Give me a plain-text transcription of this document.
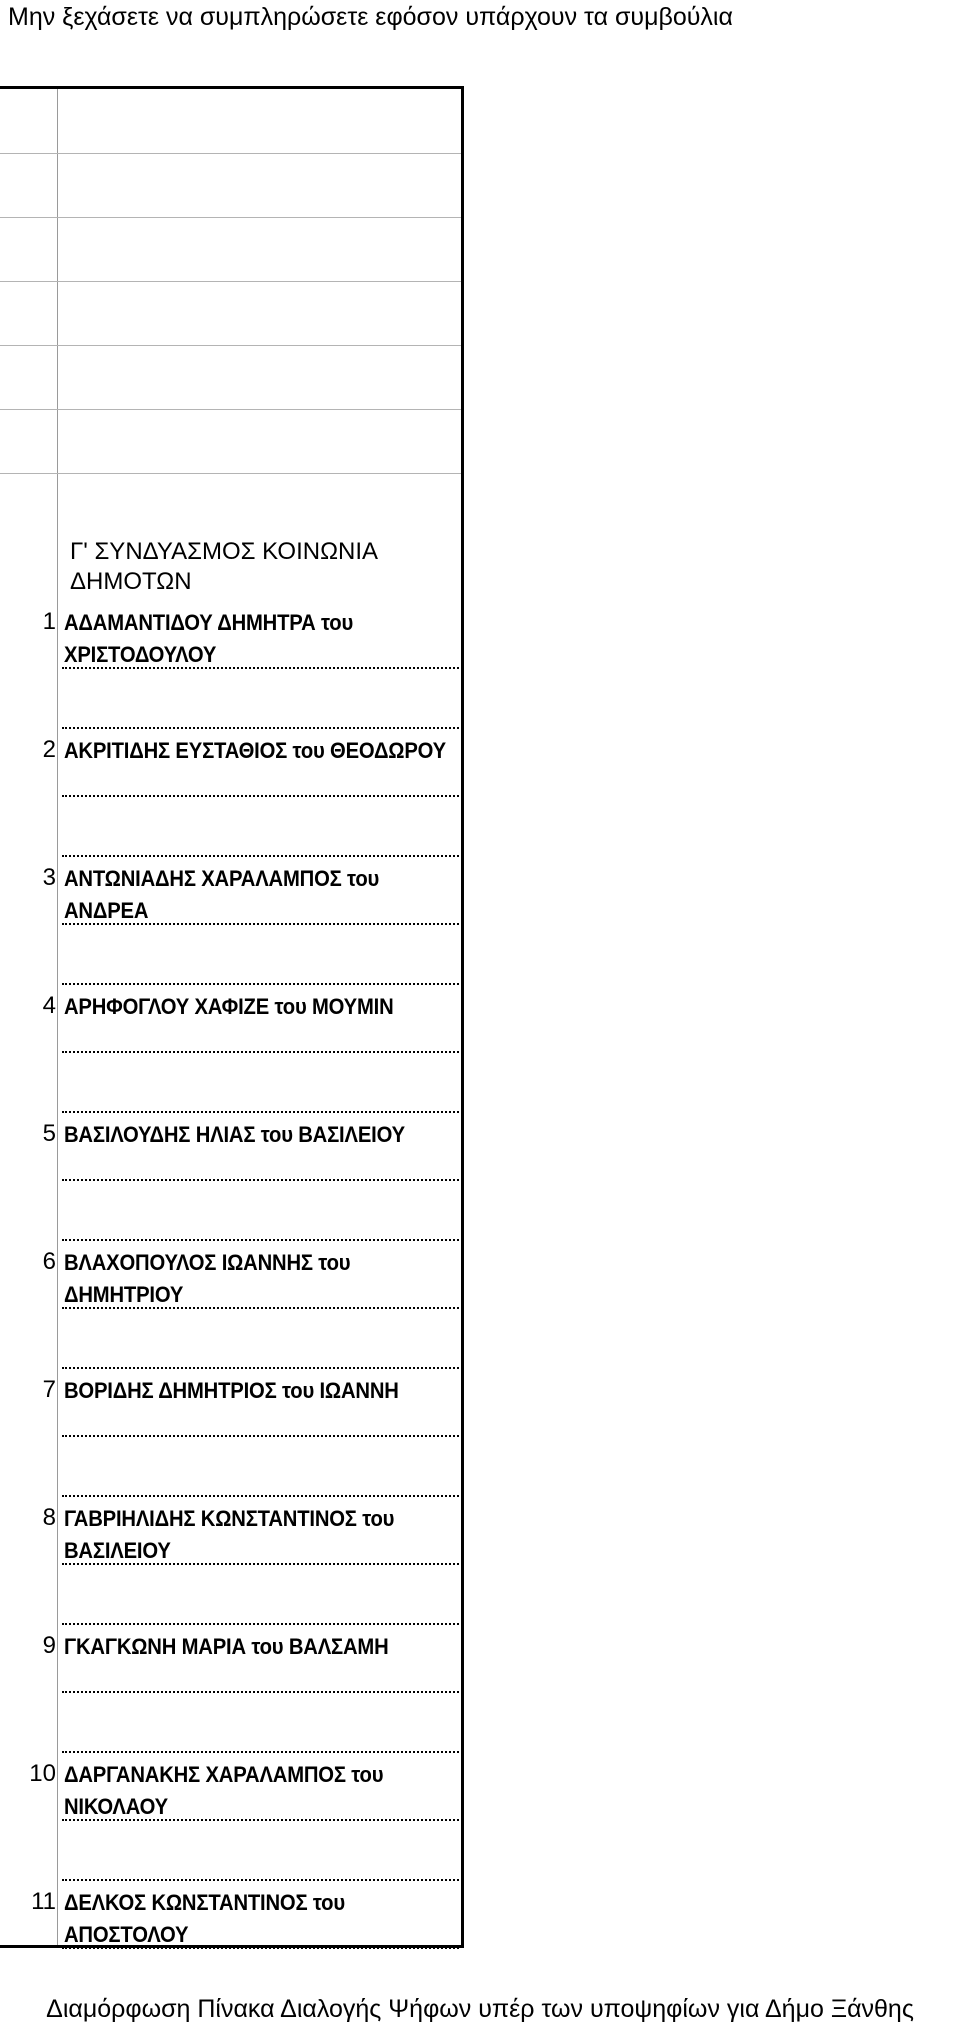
Μην ξεχάσετε να συμπληρώσετε εφόσον υπάρχουν τα συμβούλια
Γ' ΣΥΝΔΥΑΣΜΟΣ ΚΟΙΝΩΝΙΑ
ΔΗΜΟΤΩΝ
1 ΑΔΑΜΑΝΤΙΔΟΥ ΔΗΜΗΤΡΑ του ΧΡΙΣΤΟΔΟΥΛΟΥ
2 ΑΚΡΙΤΙΔΗΣ ΕΥΣΤΑΘΙΟΣ του ΘΕΟΔΩΡΟΥ
3 ΑΝΤΩΝΙΑΔΗΣ ΧΑΡΑΛΑΜΠΟΣ του ΑΝΔΡΕΑ
4 ΑΡΗΦΟΓΛΟΥ ΧΑΦΙΖΕ του ΜΟΥΜΙΝ
5 ΒΑΣΙΛΟΥΔΗΣ ΗΛΙΑΣ του ΒΑΣΙΛΕΙΟΥ
6 ΒΛΑΧΟΠΟΥΛΟΣ ΙΩΑΝΝΗΣ του ΔΗΜΗΤΡΙΟΥ
7 ΒΟΡΙΔΗΣ ΔΗΜΗΤΡΙΟΣ του ΙΩΑΝΝΗ
8 ΓΑΒΡΙΗΛΙΔΗΣ ΚΩΝΣΤΑΝΤΙΝΟΣ του ΒΑΣΙΛΕΙΟΥ
9 ΓΚΑΓΚΩΝΗ ΜΑΡΙΑ του ΒΑΛΣΑΜΗ
10 ΔΑΡΓΑΝΑΚΗΣ ΧΑΡΑΛΑΜΠΟΣ του ΝΙΚΟΛΑΟΥ
11 ΔΕΛΚΟΣ ΚΩΝΣΤΑΝΤΙΝΟΣ του ΑΠΟΣΤΟΛΟΥ
Διαμόρφωση Πίνακα Διαλογής Ψήφων υπέρ των υποψηφίων για Δήμο Ξάνθης
